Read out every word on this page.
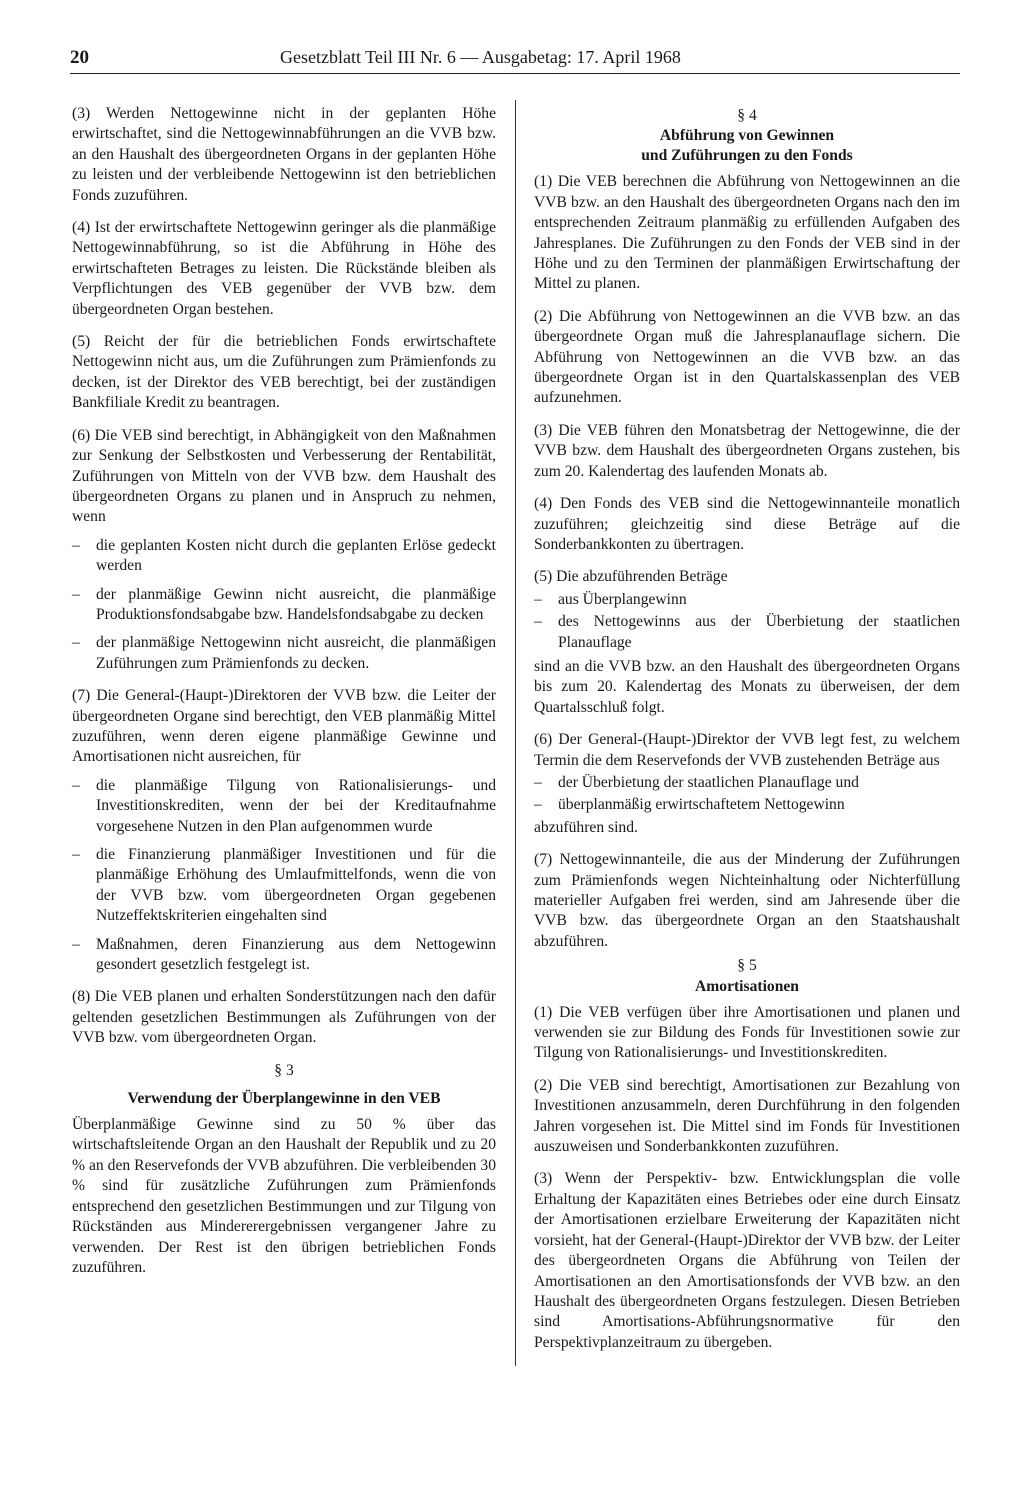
20	Gesetzblatt Teil III Nr. 6 — Ausgabetag: 17. April 1968

(3) Werden Nettogewinne nicht in der geplanten Höhe erwirtschaftet, sind die Nettogewinnabführungen an die VVB bzw. an den Haushalt des übergeordneten Organs in der geplanten Höhe zu leisten und der verbleibende Nettogewinn ist den betrieblichen Fonds zuzuführen.

(4) Ist der erwirtschaftete Nettogewinn geringer als die planmäßige Nettogewinnabführung, so ist die Abführung in Höhe des erwirtschafteten Betrages zu leisten. Die Rückstände bleiben als Verpflichtungen des VEB gegenüber der VVB bzw. dem übergeordneten Organ bestehen.

(5) Reicht der für die betrieblichen Fonds erwirtschaftete Nettogewinn nicht aus, um die Zuführungen zum Prämienfonds zu decken, ist der Direktor des VEB berechtigt, bei der zuständigen Bankfiliale Kredit zu beantragen.

(6) Die VEB sind berechtigt, in Abhängigkeit von den Maßnahmen zur Senkung der Selbstkosten und Verbesserung der Rentabilität, Zuführungen von Mitteln von der VVB bzw. dem Haushalt des übergeordneten Organs zu planen und in Anspruch zu nehmen, wenn

–	die geplanten Kosten nicht durch die geplanten Erlöse gedeckt werden
–	der planmäßige Gewinn nicht ausreicht, die planmäßige Produktionsfondsabgabe bzw. Handelsfondsabgabe zu decken
–	der planmäßige Nettogewinn nicht ausreicht, die planmäßigen Zuführungen zum Prämienfonds zu decken.

(7) Die General-(Haupt-)Direktoren der VVB bzw. die Leiter der übergeordneten Organe sind berechtigt, den VEB planmäßig Mittel zuzuführen, wenn deren eigene planmäßige Gewinne und Amortisationen nicht ausreichen, für

–	die planmäßige Tilgung von Rationalisierungs- und Investitionskrediten, wenn der bei der Kreditaufnahme vorgesehene Nutzen in den Plan aufgenommen wurde
–	die Finanzierung planmäßiger Investitionen und für die planmäßige Erhöhung des Umlaufmittelfonds, wenn die von der VVB bzw. vom übergeordneten Organ gegebenen Nutzeffektskriterien eingehalten sind
–	Maßnahmen, deren Finanzierung aus dem Nettogewinn gesondert gesetzlich festgelegt ist.

(8) Die VEB planen und erhalten Sonderstützungen nach den dafür geltenden gesetzlichen Bestimmungen als Zuführungen von der VVB bzw. vom übergeordneten Organ.

§ 3
Verwendung der Überplangewinne in den VEB

Überplanmäßige Gewinne sind zu 50 % über das wirtschaftsleitende Organ an den Haushalt der Republik und zu 20 % an den Reservefonds der VVB abzuführen. Die verbleibenden 30 % sind für zusätzliche Zuführungen zum Prämienfonds entsprechend den gesetzlichen Bestimmungen und zur Tilgung von Rückständen aus Mindererergebnissen vergangener Jahre zu verwenden. Der Rest ist den übrigen betrieblichen Fonds zuzuführen.

§ 4
Abführung von Gewinnen
und Zuführungen zu den Fonds

(1) Die VEB berechnen die Abführung von Nettogewinnen an die VVB bzw. an den Haushalt des übergeordneten Organs nach den im entsprechenden Zeitraum planmäßig zu erfüllenden Aufgaben des Jahresplanes. Die Zuführungen zu den Fonds der VEB sind in der Höhe und zu den Terminen der planmäßigen Erwirtschaftung der Mittel zu planen.

(2) Die Abführung von Nettogewinnen an die VVB bzw. an das übergeordnete Organ muß die Jahresplanauflage sichern. Die Abführung von Nettogewinnen an die VVB bzw. an das übergeordnete Organ ist in den Quartalskassenplan des VEB aufzunehmen.

(3) Die VEB führen den Monatsbetrag der Nettogewinne, die der VVB bzw. dem Haushalt des übergeordneten Organs zustehen, bis zum 20. Kalendertag des laufenden Monats ab.

(4) Den Fonds des VEB sind die Nettogewinnanteile monatlich zuzuführen; gleichzeitig sind diese Beträge auf die Sonderbankkonten zu übertragen.

(5) Die abzuführenden Beträge

–	aus Überplangewinn
–	des Nettogewinns aus der Überbietung der staatlichen Planauflage

sind an die VVB bzw. an den Haushalt des übergeordneten Organs bis zum 20. Kalendertag des Monats zu überweisen, der dem Quartalsschluß folgt.

(6) Der General-(Haupt-)Direktor der VVB legt fest, zu welchem Termin die dem Reservefonds der VVB zustehenden Beträge aus

–	der Überbietung der staatlichen Planauflage und
–	überplanmäßig erwirtschaftetem Nettogewinn

abzuführen sind.

(7) Nettogewinnanteile, die aus der Minderung der Zuführungen zum Prämienfonds wegen Nichteinhaltung oder Nichterfüllung materieller Aufgaben frei werden, sind am Jahresende über die VVB bzw. das übergeordnete Organ an den Staatshaushalt abzuführen.

§ 5
Amortisationen

(1) Die VEB verfügen über ihre Amortisationen und planen und verwenden sie zur Bildung des Fonds für Investitionen sowie zur Tilgung von Rationalisierungs- und Investitionskrediten.

(2) Die VEB sind berechtigt, Amortisationen zur Bezahlung von Investitionen anzusammeln, deren Durchführung in den folgenden Jahren vorgesehen ist. Die Mittel sind im Fonds für Investitionen auszuweisen und Sonderbankkonten zuzuführen.

(3) Wenn der Perspektiv- bzw. Entwicklungsplan die volle Erhaltung der Kapazitäten eines Betriebes oder eine durch Einsatz der Amortisationen erzielbare Erweiterung der Kapazitäten nicht vorsieht, hat der General-(Haupt-)Direktor der VVB bzw. der Leiter des übergeordneten Organs die Abführung von Teilen der Amortisationen an den Amortisationsfonds der VVB bzw. an den Haushalt des übergeordneten Organs festzulegen. Diesen Betrieben sind Amortisations-Abführungsnormative für den Perspektivplanzeitraum zu übergeben.
